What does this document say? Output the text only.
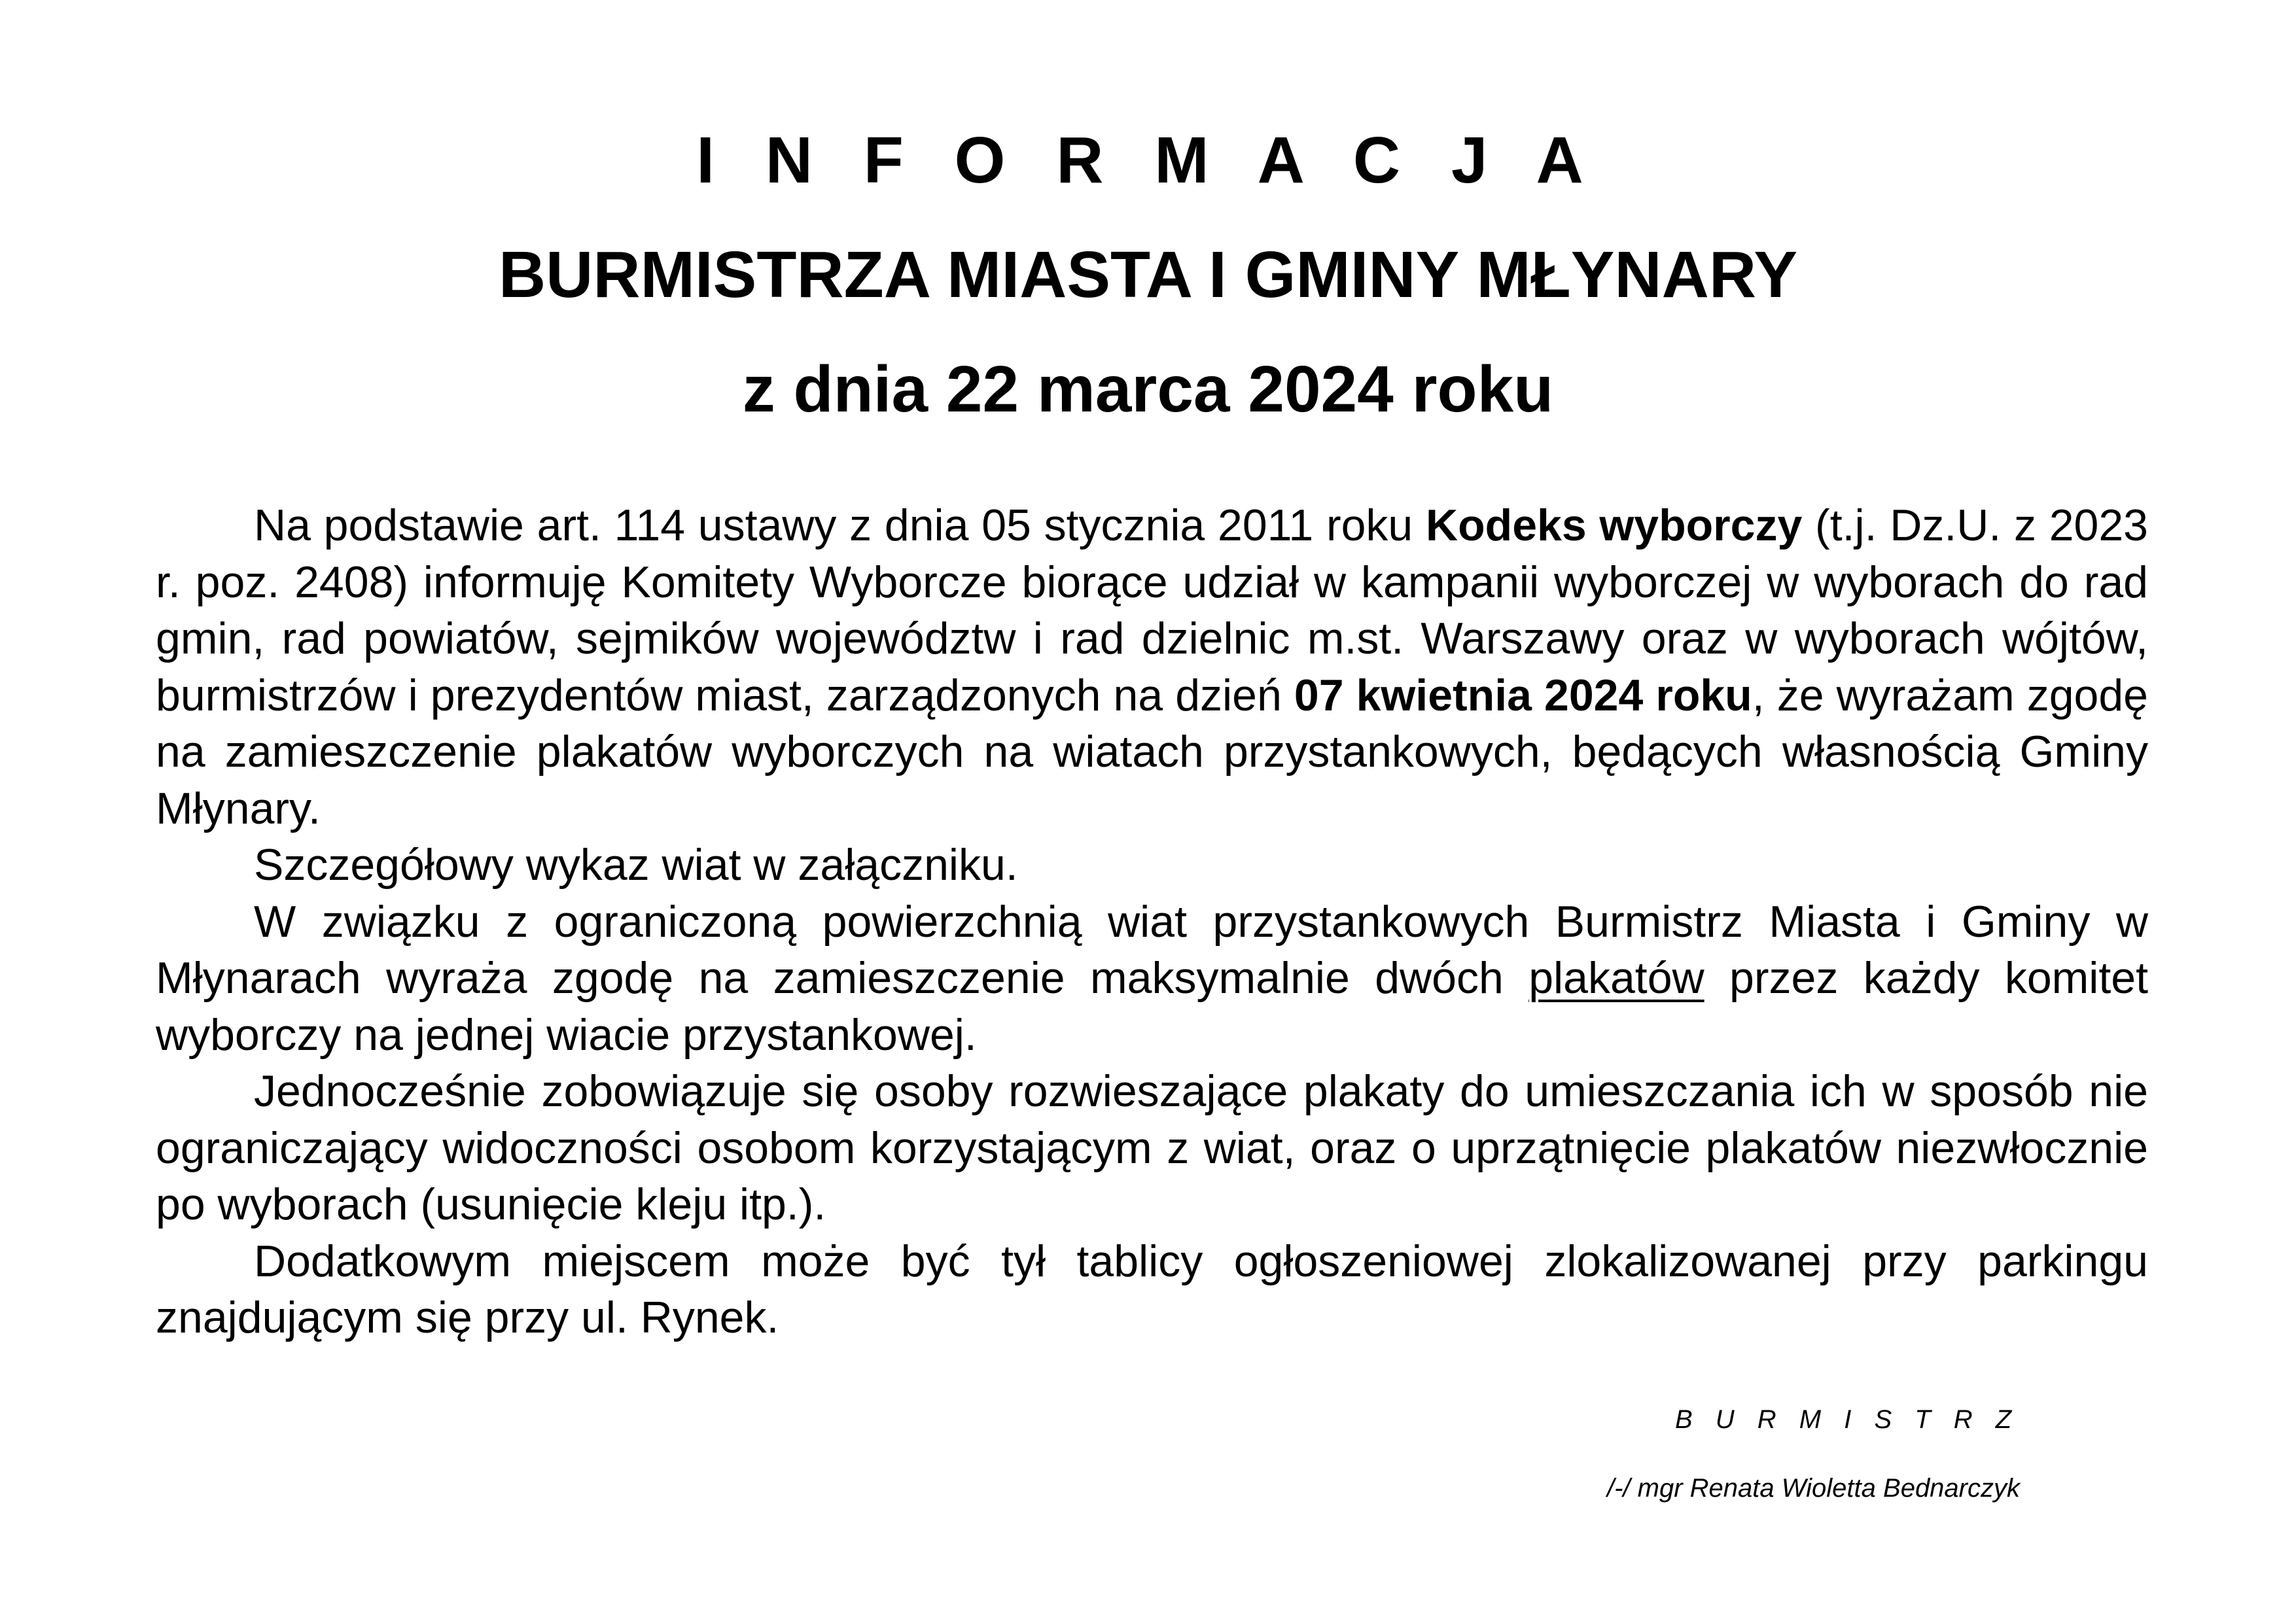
I N F O R M A C J A
BURMISTRZA MIASTA I GMINY MŁYNARY
z dnia 22 marca 2024 roku

Na podstawie art. 114 ustawy z dnia 05 stycznia 2011 roku Kodeks wyborczy (t.j. Dz.U. z 2023 r. poz. 2408) informuję Komitety Wyborcze biorące udział w kampanii wyborczej w wyborach do rad gmin, rad powiatów, sejmików województw i rad dzielnic m.st. Warszawy oraz w wyborach wójtów, burmistrzów i prezydentów miast, zarządzonych na dzień 07 kwietnia 2024 roku, że wyrażam zgodę na zamieszczenie plakatów wyborczych na wiatach przystankowych, będących własnością Gminy Młynary.

Szczegółowy wykaz wiat w załączniku.

W związku z ograniczoną powierzchnią wiat przystankowych Burmistrz Miasta i Gminy w Młynarach wyraża zgodę na zamieszczenie maksymalnie dwóch plakatów przez każdy komitet wyborczy na jednej wiacie przystankowej.

Jednocześnie zobowiązuje się osoby rozwieszające plakaty do umieszczania ich w sposób nie ograniczający widoczności osobom korzystającym z wiat, oraz o uprzątnięcie plakatów niezwłocznie po wyborach (usunięcie kleju itp.).

Dodatkowym miejscem może być tył tablicy ogłoszeniowej zlokalizowanej przy parkingu znajdującym się przy ul. Rynek.

B U R M I S T R Z
/-/ mgr Renata Wioletta Bednarczyk
